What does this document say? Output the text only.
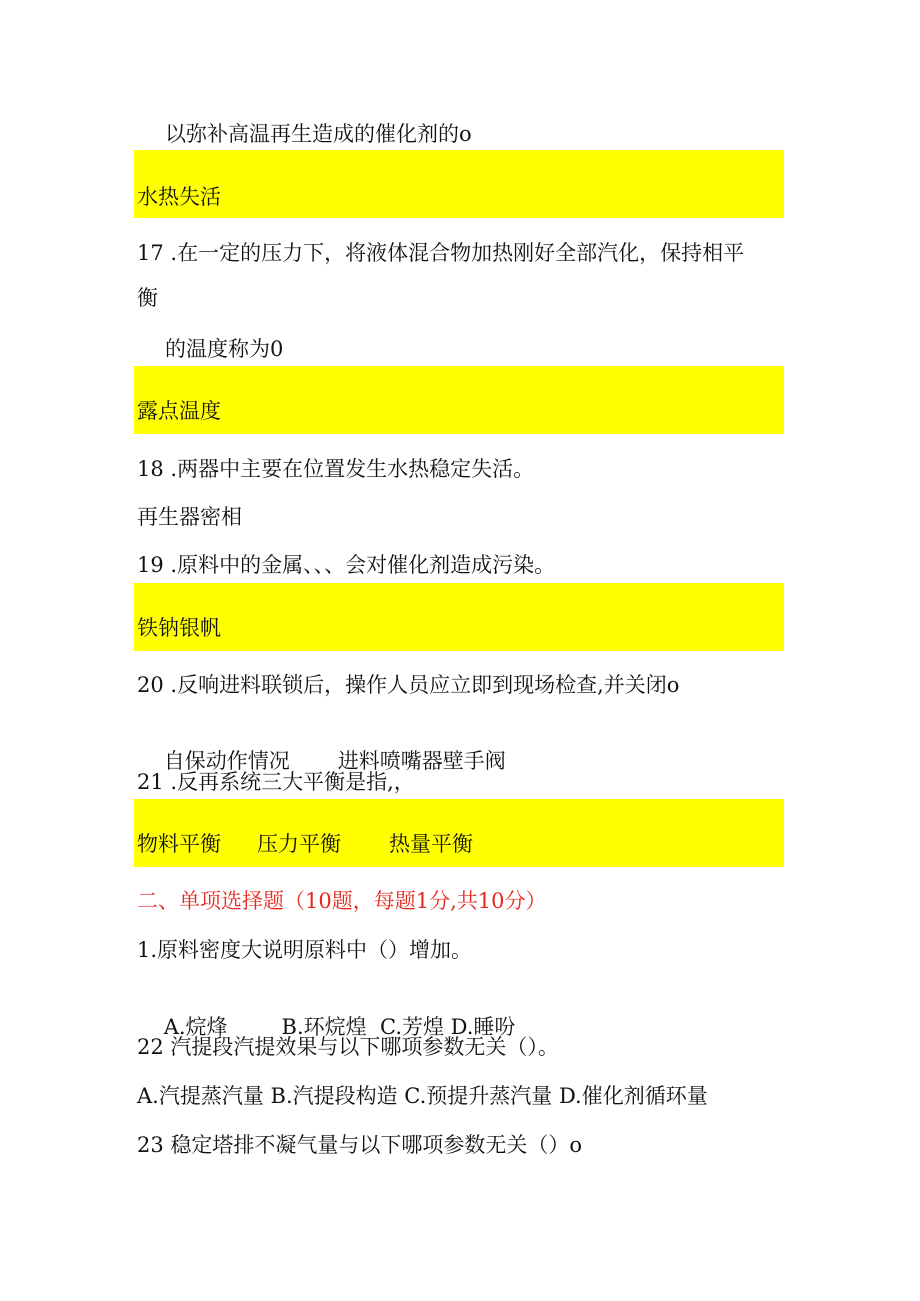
以弥补高温再生造成的催化剂的o
水热失活
17 .在一定的压力下，将液体混合物加热刚好全部汽化，保持相平
衡
的温度称为0
露点温度
18 .两器中主要在位置发生水热稳定失活。
再生器密相
19 .原料中的金属、、、会对催化剂造成污染。
铁钠银帆
20 .反响进料联锁后，操作人员应立即到现场检查,并关闭o

自保动作情况 进料喷嘴器壁手阀

21 .反再系统三大平衡是指,，
物料平衡 压力平衡 热量平衡
二、单项选择题（10题，每题1分,共10分）
1.原料密度大说明原料中（）增加。

A.烷烽	B.环烷煌  C.芳煌 D.睡吩

22 汽提段汽提效果与以下哪项参数无关（）。
A.汽提蒸汽量 B.汽提段构造 C.预提升蒸汽量 D.催化剂循环量
23 稳定塔排不凝气量与以下哪项参数无关（）o
